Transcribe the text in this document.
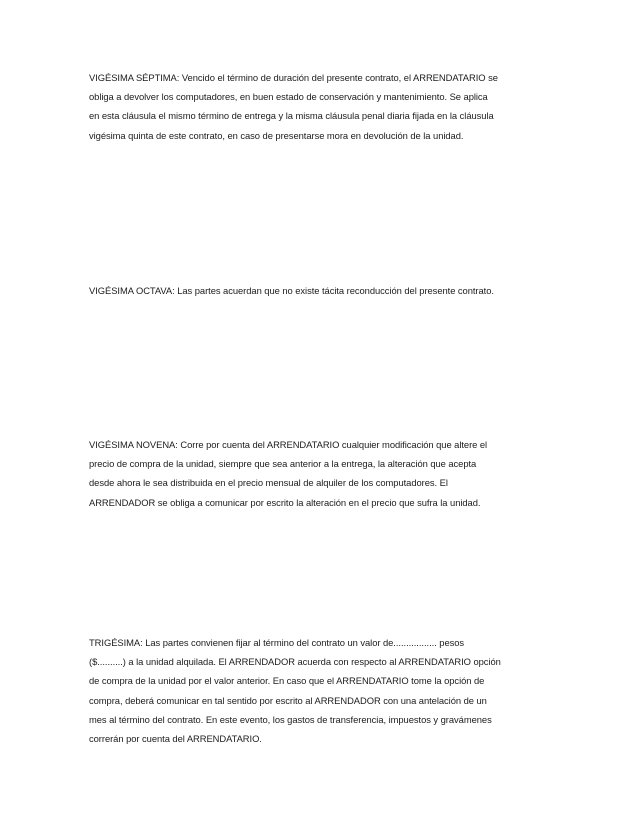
VIGÉSIMA SÉPTIMA: Vencido el término de duración del presente contrato, el ARRENDATARIO se
obliga a devolver los computadores, en buen estado de conservación y mantenimiento. Se aplica
en esta cláusula el mismo término de entrega y la misma cláusula penal diaria fijada en la cláusula
vigésima quinta de este contrato, en caso de presentarse mora en devolución de la unidad.
VIGÉSIMA OCTAVA: Las partes acuerdan que no existe tácita reconducción del presente contrato.
VIGÉSIMA NOVENA: Corre por cuenta del ARRENDATARIO cualquier modificación que altere el
precio de compra de la unidad, siempre que sea anterior a la entrega, la alteración que acepta
desde ahora le sea distribuida en el precio mensual de alquiler de los computadores. El
ARRENDADOR se obliga a comunicar por escrito la alteración en el precio que sufra la unidad.
TRIGÉSIMA: Las partes convienen fijar al término del contrato un valor de................. pesos
($..........) a la unidad alquilada. El ARRENDADOR acuerda con respecto al ARRENDATARIO opción
de compra de la unidad por el valor anterior. En caso que el ARRENDATARIO tome la opción de
compra, deberá comunicar en tal sentido por escrito al ARRENDADOR con una antelación de un
mes al término del contrato. En este evento, los gastos de transferencia, impuestos y gravámenes
correrán por cuenta del ARRENDATARIO.
